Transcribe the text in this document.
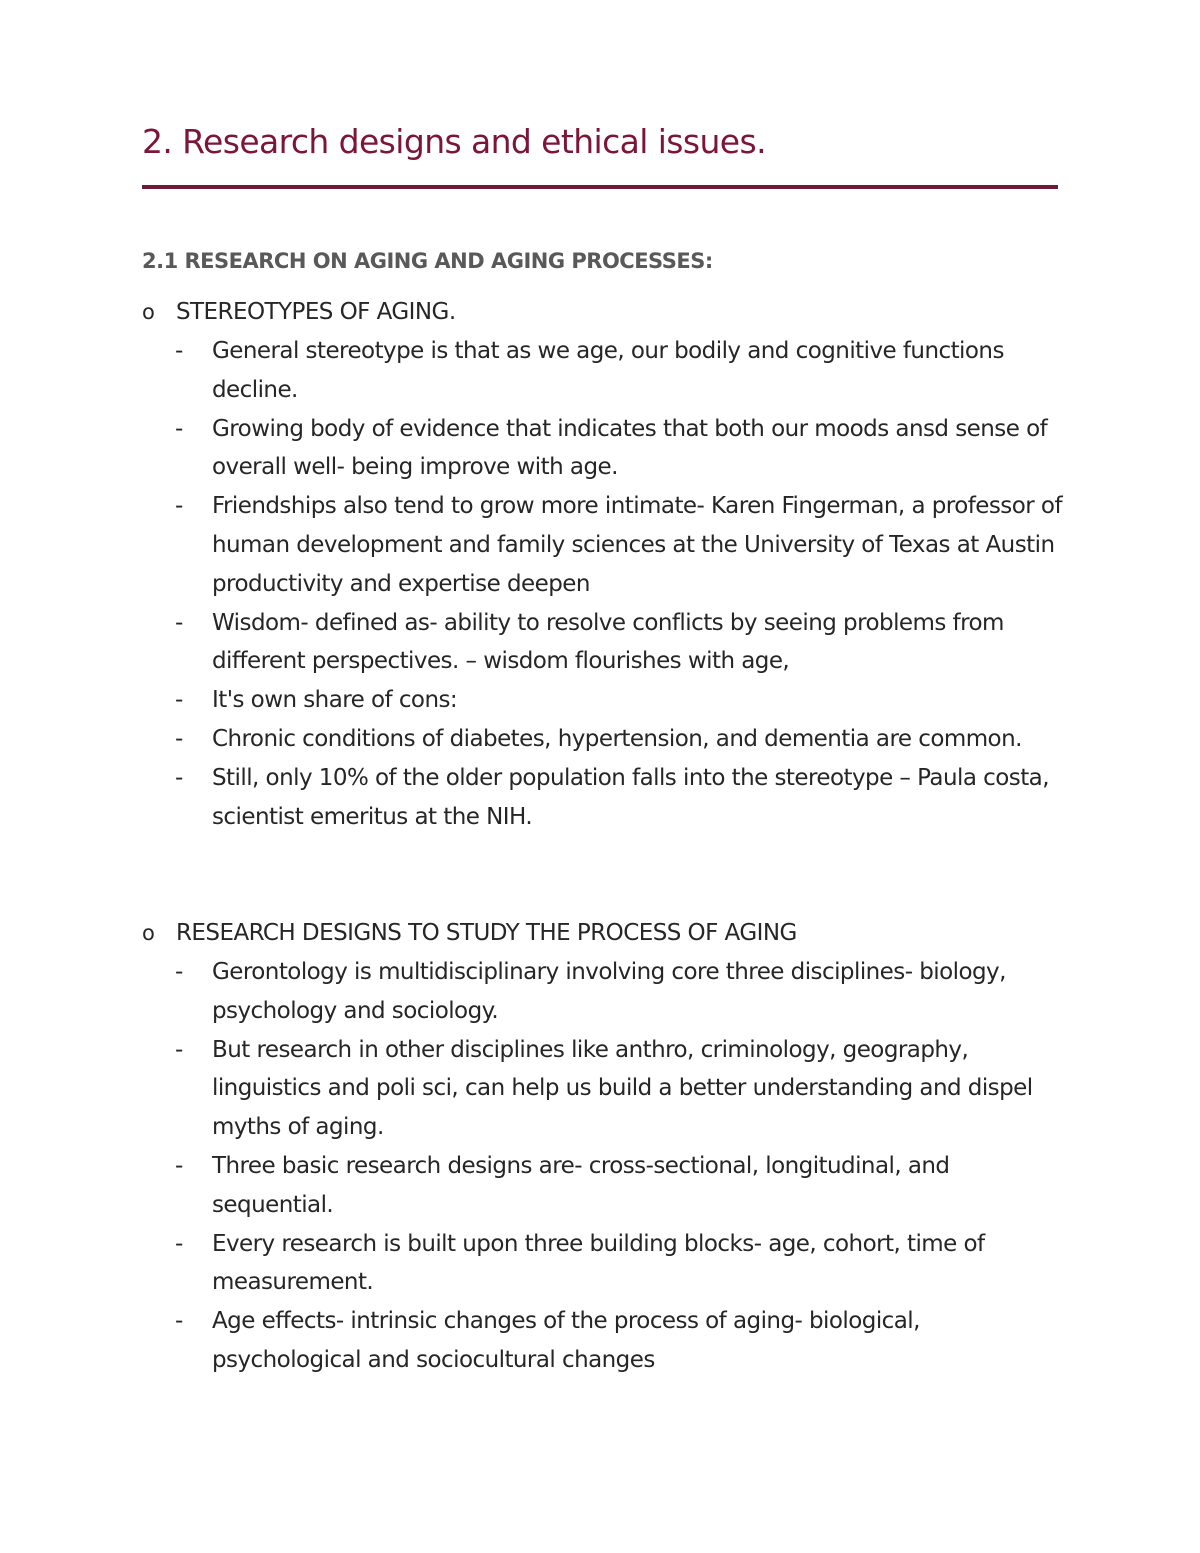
2. Research designs and ethical issues.
2.1 RESEARCH ON AGING AND AGING PROCESSES:
o STEREOTYPES OF AGING.
- General stereotype is that as we age, our bodily and cognitive functions decline.
- Growing body of evidence that indicates that both our moods ansd sense of overall well- being improve with age.
- Friendships also tend to grow more intimate- Karen Fingerman, a professor of human development and family sciences at the University of Texas at Austin productivity and expertise deepen
- Wisdom- defined as- ability to resolve conflicts by seeing problems from different perspectives. – wisdom flourishes with age,
- It's own share of cons:
- Chronic conditions of diabetes, hypertension, and dementia are common.
- Still, only 10% of the older population falls into the stereotype – Paula costa, scientist emeritus at the NIH.
o RESEARCH DESIGNS TO STUDY THE PROCESS OF AGING
- Gerontology is multidisciplinary involving core three disciplines- biology, psychology and sociology.
- But research in other disciplines like anthro, criminology, geography, linguistics and poli sci, can help us build a better understanding and dispel myths of aging.
- Three basic research designs are- cross-sectional, longitudinal, and sequential.
- Every research is built upon three building blocks- age, cohort, time of measurement.
- Age effects- intrinsic changes of the process of aging- biological, psychological and sociocultural changes
